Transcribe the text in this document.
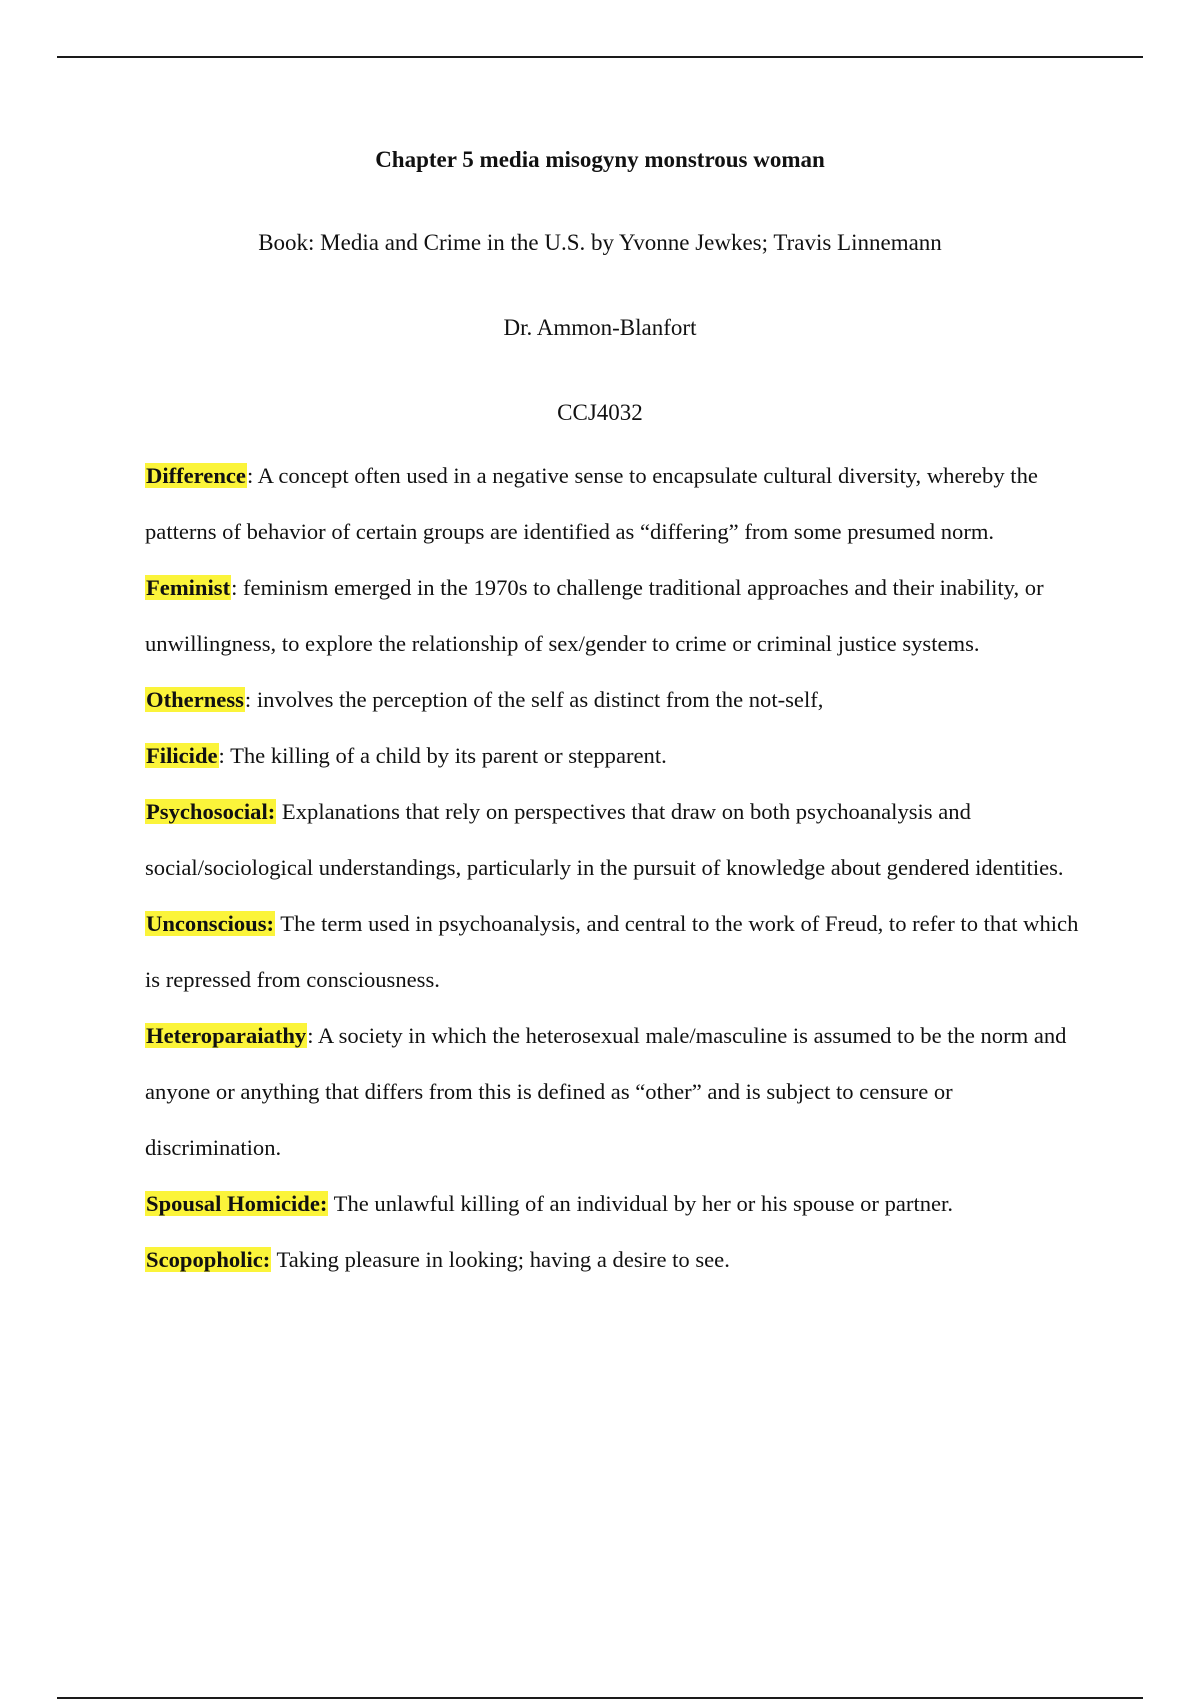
Chapter 5 media misogyny monstrous woman
Book: Media and Crime in the U.S. by Yvonne Jewkes; Travis Linnemann
Dr. Ammon-Blanfort
CCJ4032

Difference: A concept often used in a negative sense to encapsulate cultural diversity, whereby the patterns of behavior of certain groups are identified as “differing” from some presumed norm.

Feminist: feminism emerged in the 1970s to challenge traditional approaches and their inability, or unwillingness, to explore the relationship of sex/gender to crime or criminal justice systems.

Otherness: involves the perception of the self as distinct from the not-self,

Filicide: The killing of a child by its parent or stepparent.

Psychosocial: Explanations that rely on perspectives that draw on both psychoanalysis and social/sociological understandings, particularly in the pursuit of knowledge about gendered identities.

Unconscious: The term used in psychoanalysis, and central to the work of Freud, to refer to that which is repressed from consciousness.

Heteroparaiathy: A society in which the heterosexual male/masculine is assumed to be the norm and anyone or anything that differs from this is defined as “other” and is subject to censure or discrimination.

Spousal Homicide: The unlawful killing of an individual by her or his spouse or partner.

Scopopholic: Taking pleasure in looking; having a desire to see.
